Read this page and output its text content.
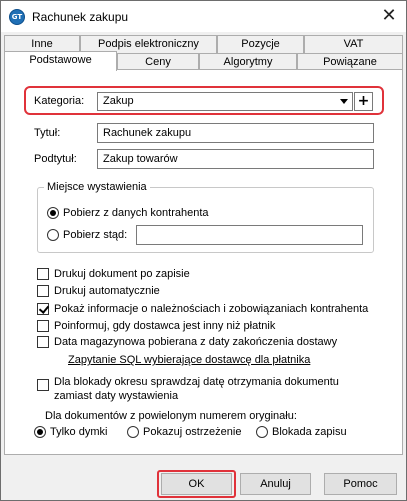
GT Rachunek zakupu	✕
Inne	Podpis elektroniczny	Pozycje	VAT
Podstawowe	Ceny	Algorytmy	Powiązane
Kategoria: Zakup	+
Tytuł:	Rachunek zakupu
Podtytuł:	Zakup towarów
Miejsce wystawienia
Pobierz z danych kontrahenta
Pobierz stąd:
Drukuj dokument po zapisie
Drukuj automatycznie
Pokaż informacje o należnościach i zobowiązaniach kontrahenta
Poinformuj, gdy dostawca jest inny niż płatnik
Data magazynowa pobierana z daty zakończenia dostawy
Zapytanie SQL wybierające dostawcę dla płatnika
Dla blokady okresu sprawdzaj datę otrzymania dokumentu
zamiast daty wystawienia
Dla dokumentów z powielonym numerem oryginału:
Tylko dymki	Pokazuj ostrzeżenie	Blokada zapisu
OK	Anuluj	Pomoc
